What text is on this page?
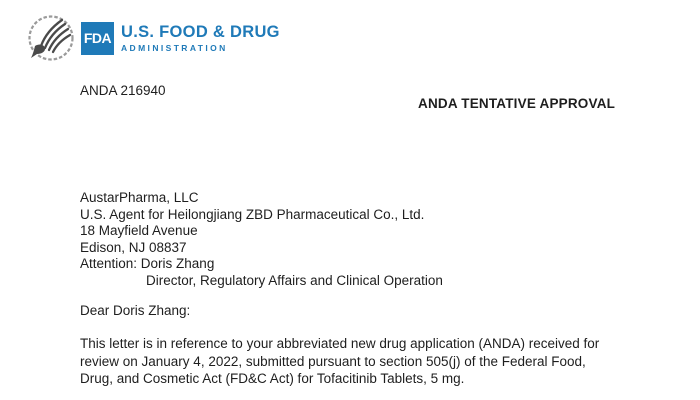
FDA U.S. FOOD & DRUG
ADMINISTRATION
ANDA 216940
ANDA TENTATIVE APPROVAL
AustarPharma, LLC
U.S. Agent for Heilongjiang ZBD Pharmaceutical Co., Ltd.
18 Mayfield Avenue
Edison, NJ 08837
Attention: Doris Zhang
Director, Regulatory Affairs and Clinical Operation
Dear Doris Zhang:
This letter is in reference to your abbreviated new drug application (ANDA) received for
review on January 4, 2022, submitted pursuant to section 505(j) of the Federal Food,
Drug, and Cosmetic Act (FD&C Act) for Tofacitinib Tablets, 5 mg.
